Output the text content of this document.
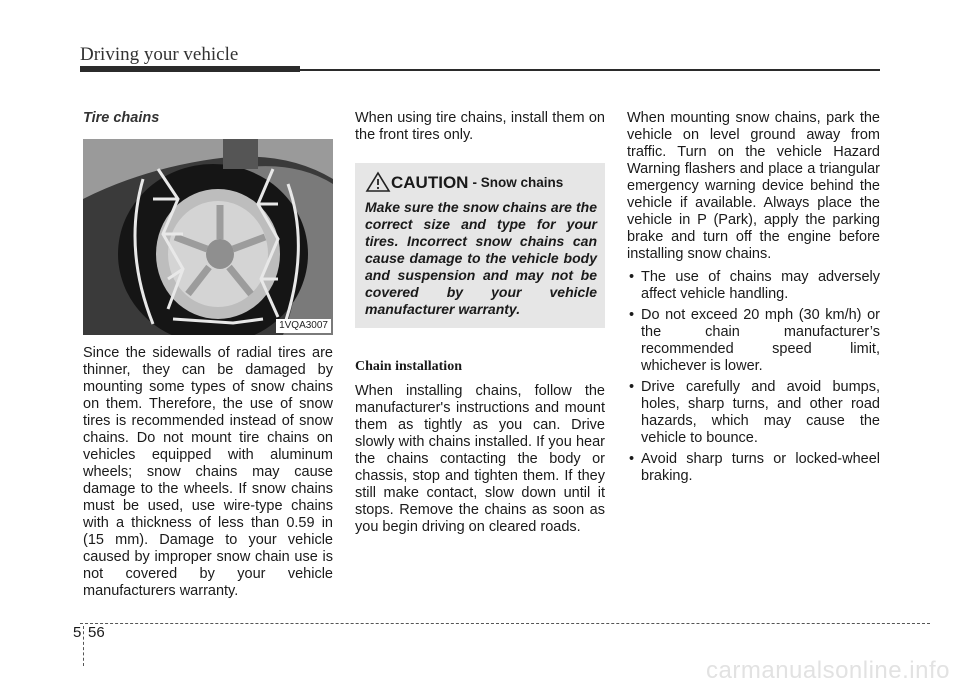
Driving your vehicle

Tire chains

1VQA3007

Since the sidewalls of radial tires are thinner, they can be damaged by mounting some types of snow chains on them. Therefore, the use of snow tires is recommended instead of snow chains. Do not mount tire chains on vehicles equipped with aluminum wheels; snow chains may cause damage to the wheels. If snow chains must be used, use wire-type chains with a thickness of less than 0.59 in (15 mm). Damage to your vehicle caused by improper snow chain use is not covered by your vehicle manufacturers warranty.

When using tire chains, install them on the front tires only.

CAUTION - Snow chains

Make sure the snow chains are the correct size and type for your tires. Incorrect snow chains can cause damage to the vehicle body and suspension and may not be covered by your vehicle manufacturer warranty.

Chain installation

When installing chains, follow the manufacturer's instructions and mount them as tightly as you can. Drive slowly with chains installed. If you hear the chains contacting the body or chassis, stop and tighten them. If they still make contact, slow down until it stops. Remove the chains as soon as you begin driving on cleared roads.

When mounting snow chains, park the vehicle on level ground away from traffic. Turn on the vehicle Hazard Warning flashers and place a triangular emergency warning device behind the vehicle if available. Always place the vehicle in P (Park), apply the parking brake and turn off the engine before installing snow chains.

• The use of chains may adversely affect vehicle handling.
• Do not exceed 20 mph (30 km/h) or the chain manufacturer’s recommended speed limit, whichever is lower.
• Drive carefully and avoid bumps, holes, sharp turns, and other road hazards, which may cause the vehicle to bounce.
• Avoid sharp turns or locked-wheel braking.
5 56
carmanualsonline.info
